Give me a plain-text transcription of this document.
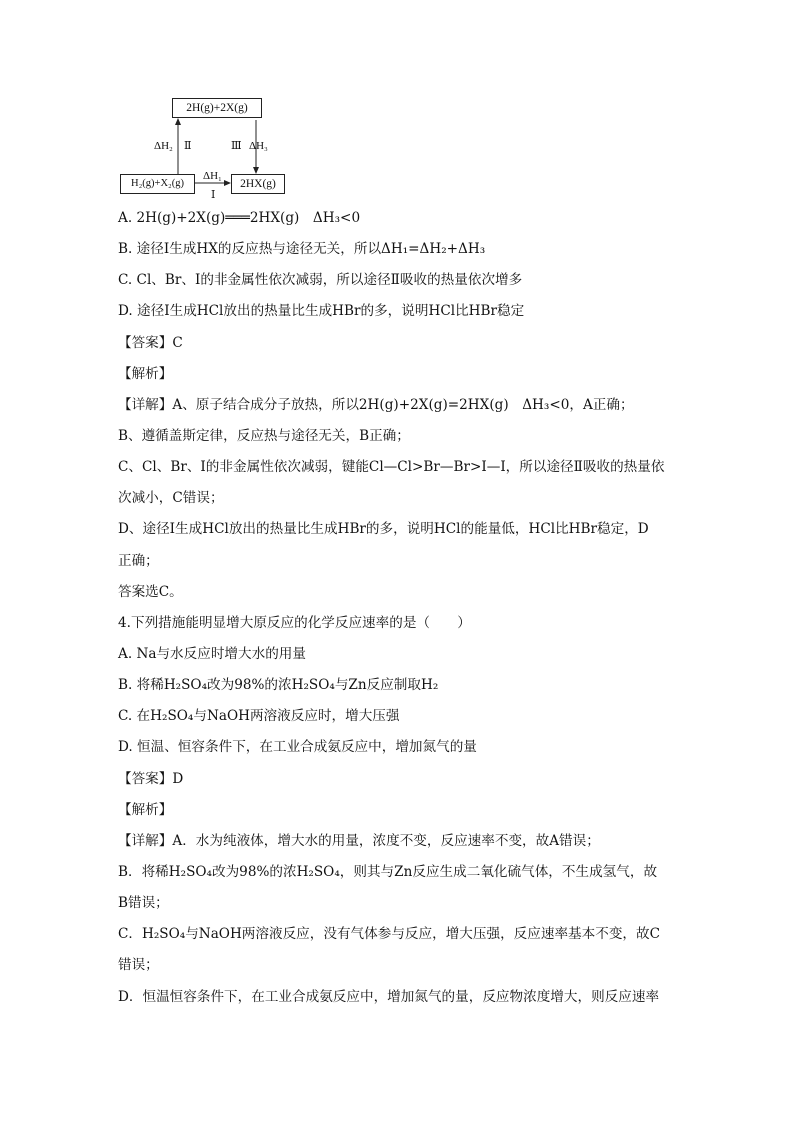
2H(g)+2X(g)
H₂(g)+X₂(g)	2HX(g)
ΔH₂ Ⅱ	Ⅲ ΔH₃
ΔH₁
Ⅰ
A. 2H(g)+2X(g)═══2HX(g)　ΔH₃<0
B. 途径Ⅰ生成HX的反应热与途径无关，所以ΔH₁=ΔH₂+ΔH₃
C. Cl、Br、I的非金属性依次减弱，所以途径Ⅱ吸收的热量依次增多
D. 途径Ⅰ生成HCl放出的热量比生成HBr的多，说明HCl比HBr稳定
【答案】C
【解析】
【详解】A、原子结合成分子放热，所以2H(g)+2X(g)=2HX(g)　ΔH₃<0，A正确；
B、遵循盖斯定律，反应热与途径无关，B正确；
C、Cl、Br、I的非金属性依次减弱，键能Cl—Cl>Br—Br>I—I，所以途径Ⅱ吸收的热量依
次减小，C错误；
D、途径Ⅰ生成HCl放出的热量比生成HBr的多，说明HCl的能量低，HCl比HBr稳定，D
正确；
答案选C。
4.下列措施能明显增大原反应的化学反应速率的是（　　）
A. Na与水反应时增大水的用量
B. 将稀H₂SO₄改为98%的浓H₂SO₄与Zn反应制取H₂
C. 在H₂SO₄与NaOH两溶液反应时，增大压强
D. 恒温、恒容条件下，在工业合成氨反应中，增加氮气的量
【答案】D
【解析】
【详解】A．水为纯液体，增大水的用量，浓度不变，反应速率不变，故A错误；
B．将稀H₂SO₄改为98%的浓H₂SO₄，则其与Zn反应生成二氧化硫气体，不生成氢气，故
B错误；
C．H₂SO₄与NaOH两溶液反应，没有气体参与反应，增大压强，反应速率基本不变，故C
错误；
D．恒温恒容条件下，在工业合成氨反应中，增加氮气的量，反应物浓度增大，则反应速率
